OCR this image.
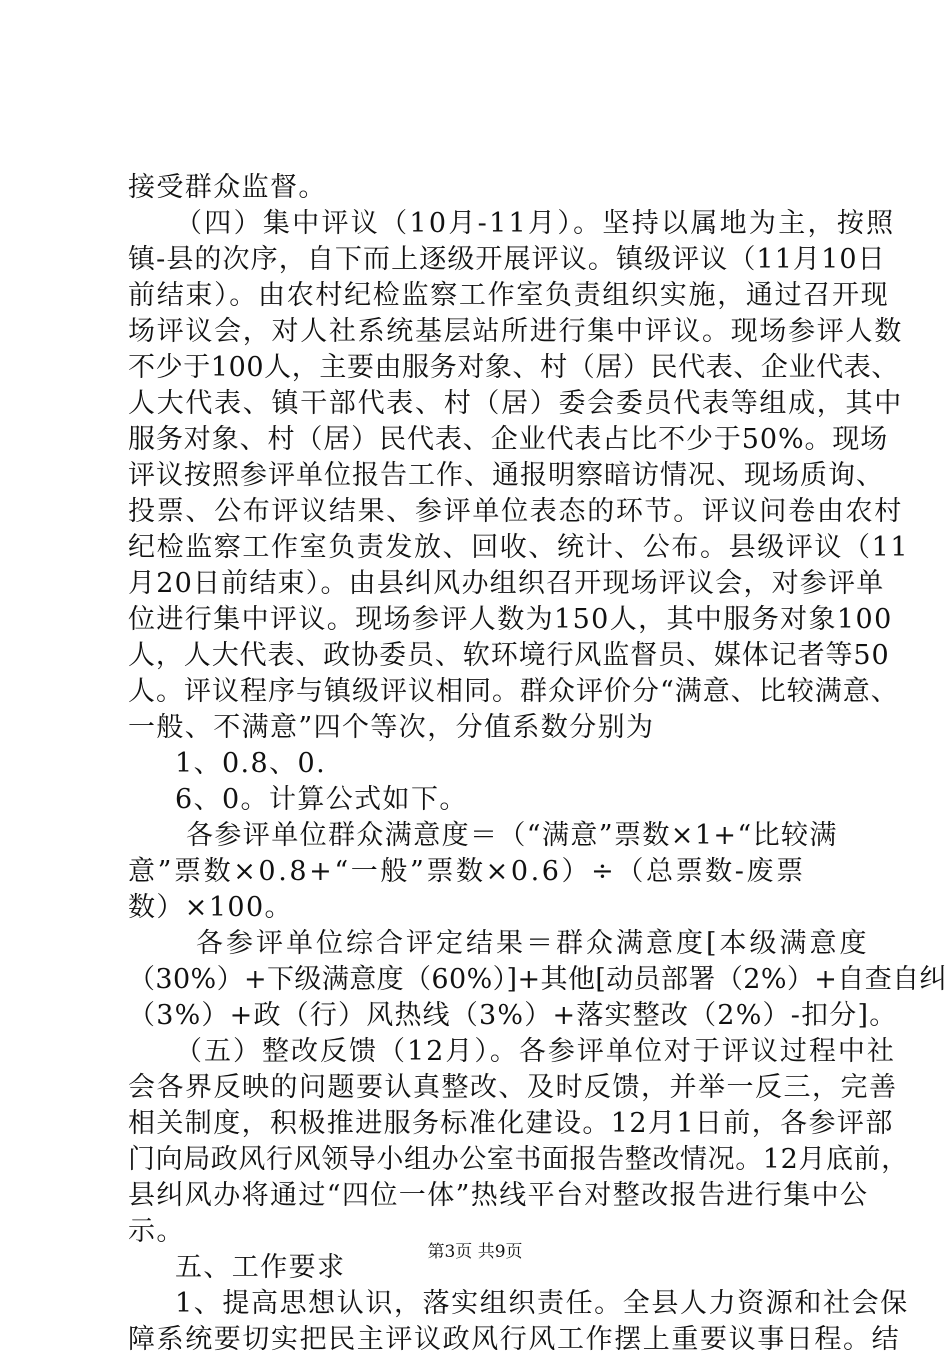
接受群众监督。
（四）集中评议（10月-11月）。坚持以属地为主，按照
镇-县的次序，自下而上逐级开展评议。镇级评议（11月10日
前结束）。由农村纪检监察工作室负责组织实施，通过召开现
场评议会，对人社系统基层站所进行集中评议。现场参评人数
不少于100人，主要由服务对象、村（居）民代表、企业代表、
人大代表、镇干部代表、村（居）委会委员代表等组成，其中
服务对象、村（居）民代表、企业代表占比不少于50%。现场
评议按照参评单位报告工作、通报明察暗访情况、现场质询、
投票、公布评议结果、参评单位表态的环节。评议问卷由农村
纪检监察工作室负责发放、回收、统计、公布。县级评议（11
月20日前结束）。由县纠风办组织召开现场评议会，对参评单
位进行集中评议。现场参评人数为150人，其中服务对象100
人，人大代表、政协委员、软环境行风监督员、媒体记者等50
人。评议程序与镇级评议相同。群众评价分“满意、比较满意、
一般、不满意”四个等次，分值系数分别为
1、0.8、0.
6、0。计算公式如下。
各参评单位群众满意度＝（“满意”票数×1+“比较满
意”票数×0.8+“一般”票数×0.6）÷（总票数-废票
数）×100。
各参评单位综合评定结果＝群众满意度[本级满意度
（30%）+下级满意度（60%）]+其他[动员部署（2%）+自查自纠
（3%）+政（行）风热线（3%）+落实整改（2%）-扣分]。
（五）整改反馈（12月）。各参评单位对于评议过程中社
会各界反映的问题要认真整改、及时反馈，并举一反三，完善
相关制度，积极推进服务标准化建设。12月1日前，各参评部
门向局政风行风领导小组办公室书面报告整改情况。12月底前，
县纠风办将通过“四位一体”热线平台对整改报告进行集中公
示。
五、工作要求
1、提高思想认识，落实组织责任。全县人力资源和社会保
障系统要切实把民主评议政风行风工作摆上重要议事日程。结
第3页 共9页
